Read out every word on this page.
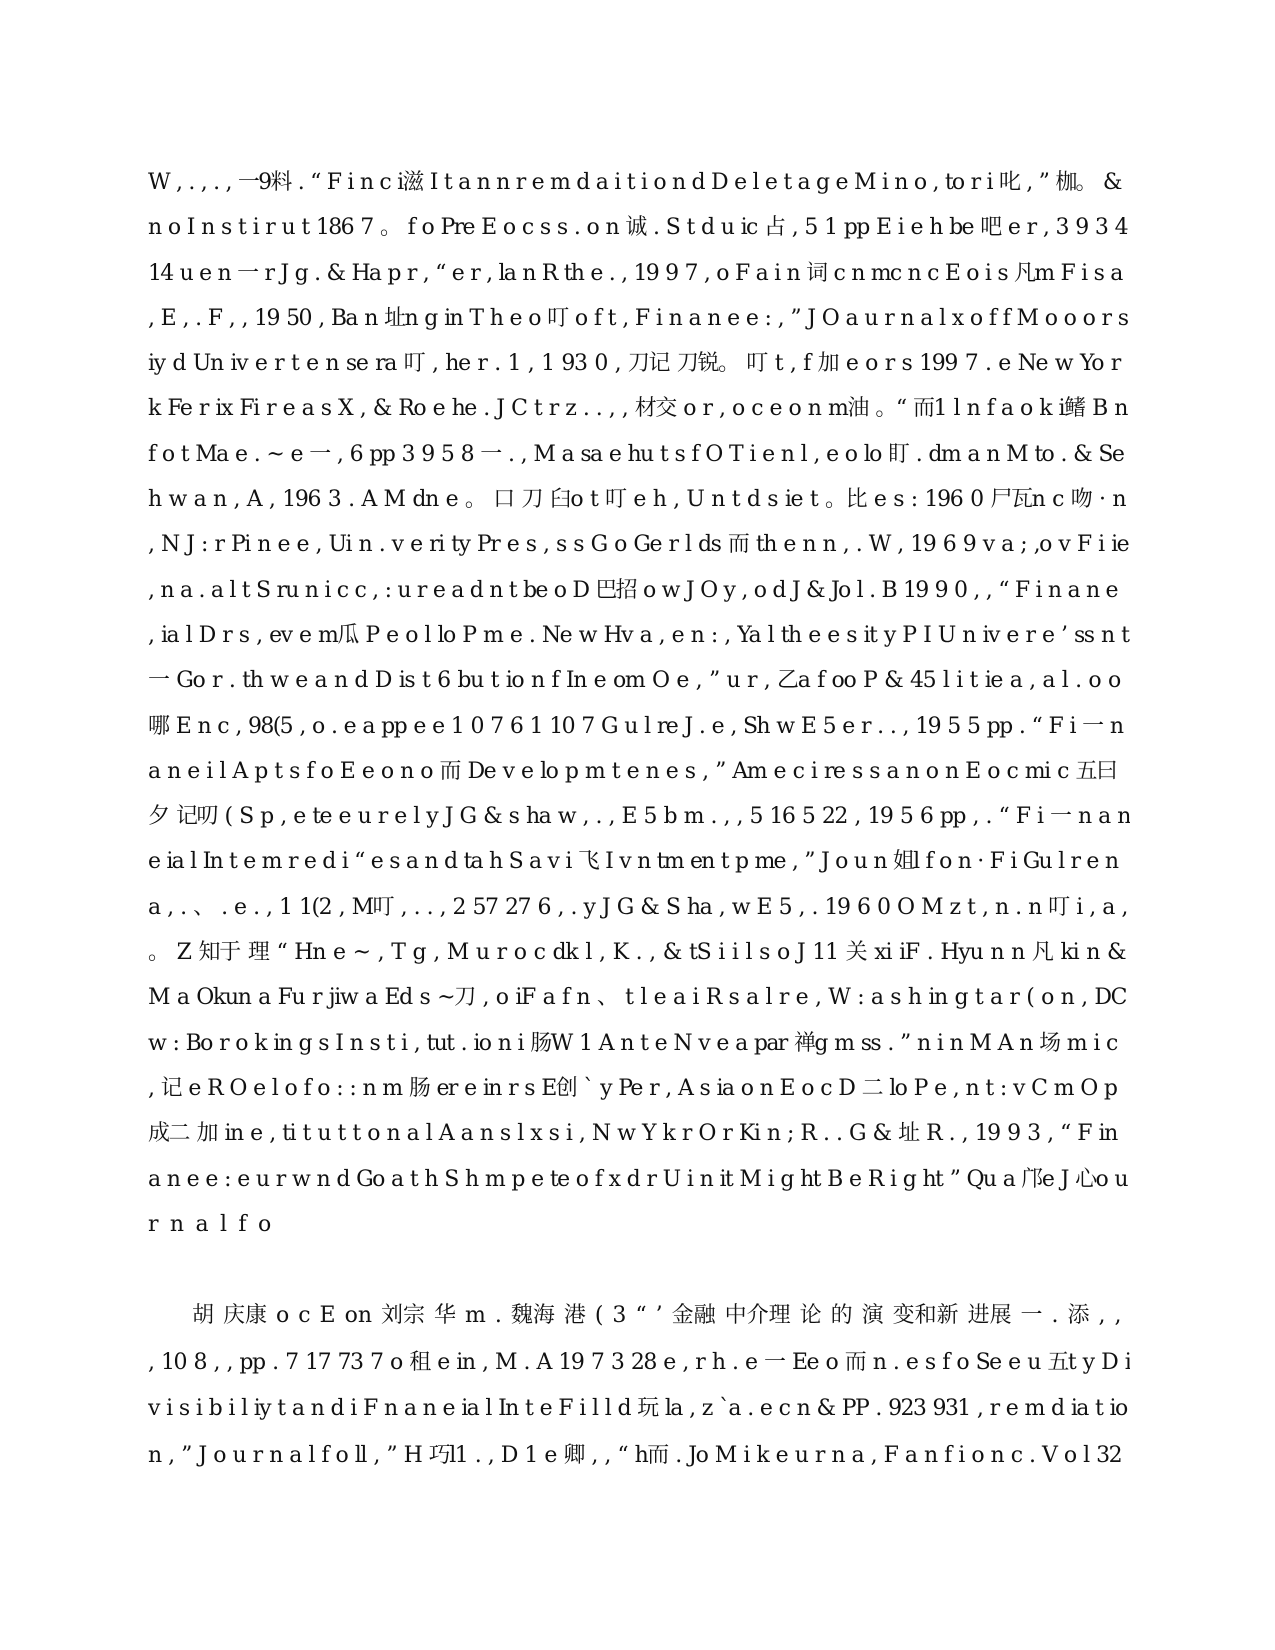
W , . , . , 一9料 . “ F i n c i滋 I t a n n r e m d a i t i o n d D e l e t a g e M i n o , to r i 叱 , ” 枷。 &
n o I n s t i r u t 186 7 。 f o Pre E o c s s . o n 诚 . S t d u ic 占 , 5 1 pp E i e h be 吧 e r , 3 9 3 4
14 u e n 一 r J g . & Ha p r , “ e r , la n R th e . , 19 9 7 , o F a i n 词 c n mc n c E o i s 凡m F i s a
, E , . F , , 19 50 , Ba n 址n g in T h e o 叮 o f t , F i n a n e e : , ” J O a u r n a l x o f f M o o o r s
iy d Un iv e r t e n se ra 叮 , he r . 1 , 1 93 0 , 刀记 刀锐。 叮 t , f 加 e o r s 199 7 . e Ne w Yo r
k Fe r ix Fi r e a s X , & Ro e he . J C t r z . . , , 材交 o r , o c e o n m油 。“ 而1 l n f a o k i鳍 B n
f o t Ma e . ~ e 一 , 6 pp 3 9 5 8 一 . , M a sa e hu t s f O T i e n l , e o lo 盯 . dm a n M to . & Se
h w a n , A , 196 3 . A M dn e 。 口 刀 臼o t 叮 e h , U n t d s ie t 。比 e s : 196 0 尸瓦n c 吻 · n
, N J : r Pi n e e , Ui n . v e ri ty Pr e s , s s G o Ge r l ds 而 th e n n , . W , 19 6 9 v a ; ,o v F i ie
, n a . a l t S ru n i c c , : u r e a d n t be o D 巴招 o w J O y , o d J & Jo l . B 19 9 0 , , “ F i n a n e
, ia l D r s , ev e m瓜 P e o l lo P m e . Ne w Hv a , e n : , Ya l th e e s it y P I U n iv e r e ’ ss n t
一 Go r . th w e a n d D is t 6 bu t io n f In e om O e , ” u r , 乙a f oo P & 45 l i t ie a , a l . o o
哪 E n c , 98(5 , o . e a pp e e 1 0 7 6 1 10 7 G u l re J . e , Sh w E 5 e r . . , 19 5 5 pp . “ F i 一 n
a n e i l A p t s f o E e o n o 而 De v e lo p m t e n e s , ” Am e c i re s s a n o n E o c mi c 五曰
夕 记叨 ( S p , e te e u r e l y J G & s ha w , . , E 5 b m . , , 5 16 5 22 , 19 5 6 pp , . “ F i 一 n a n
e ia l In t e m r e d i “ e s a n d ta h S a v i 飞 I v n tm en t p me , ” J o u n 姐l f o n · F i Gu l r e n
a , . 、 . e . , 1 1(2 , M叮 , . . , 2 57 27 6 , . y J G & S ha , w E 5 , . 19 6 0 O M z t , n . n 叮 i , a ,
。 Z 知于 理 “ Hn e ~ , T g , M u r o c dk l , K . , & tS i i l s o J 11 关 xi iF . Hyu n n 凡 ki n &
M a Okun a Fu r jiw a Ed s ~刀 , o iF a f n 、 t l e a i R s a l r e , W : a s h in g t a r ( o n , DC
w : Bo r o k in g s I n s t i , tut . io n i 肠W 1 A n t e N v e a par 禅g m ss . ” n i n M A n 场 m i c
, 记 e R O e l o f o : : n m 肠 er e in r s E创 ` y Pe r , A s ia o n E o c D 二 lo P e , n t : v C m O p
成二 加 in e , ti t u t t o n a l A a n s l x s i , N w Y k r O r Ki n ; R . . G & 址 R . , 19 9 3 , “ F in
a n e e : e u r w n d Go a t h S h m p e te o f x d r U i n it M i g ht B e R i g ht ” Qu a 邝e J 心o u
r n a l f o
胡 庆康 o c E on 刘宗 华 m . 魏海 港 ( 3 “ ’ 金融 中介理 论 的 演 变和新 进展 一 . 添 , ,
, 10 8 , , pp . 7 17 73 7 o 租 e in , M . A 19 7 3 28 e , r h . e 一 Ee o 而 n . e s f o Se e u 五t y D i
v i s i b i l iy t a n d i F n a n e ia l In t e F i l l d 玩 la , z `a . e c n & PP . 923 931 , r e m d ia t io
n , ” J o u r n a l f o ll , ” H 巧l1 . , D 1 e 卿 , , “ h而 . Jo M i k e u r n a , F a n f i o n c . V o l 32
